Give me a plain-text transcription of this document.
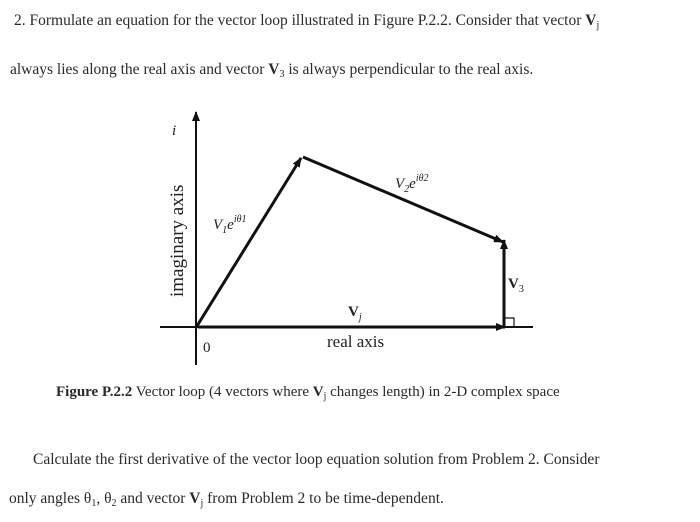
2. Formulate an equation for the vector loop illustrated in Figure P.2.2. Consider that vector $V_j$
always lies along the real axis and vector $V_3$ is always perpendicular to the real axis.
i
imaginary axis
real axis
0
$V_1e^{i\theta 1}$
$V_2e^{i\theta 2}$
$V_3$
$V_j$
Figure P.2.2 Vector loop (4 vectors where $V_j$ changes length) in 2-D complex space
Calculate the first derivative of the vector loop equation solution from Problem 2. Consider
only angles $\theta_1$, $\theta_2$ and vector $V_j$ from Problem 2 to be time-dependent.
